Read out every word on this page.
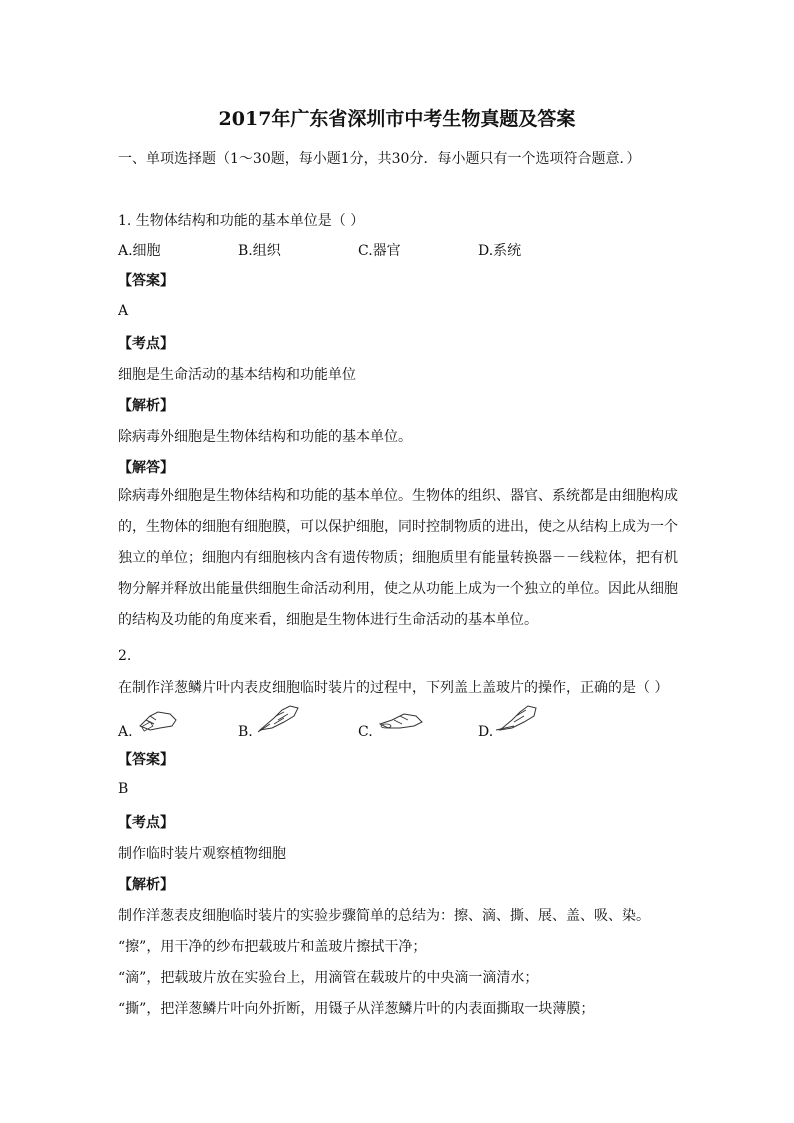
2017年广东省深圳市中考生物真题及答案
一、单项选择题（1～30题，每小题1分，共30分．每小题只有一个选项符合题意．）
1. 生物体结构和功能的基本单位是（ ）
A.细胞	B.组织	C.器官	D.系统
【答案】
A
【考点】
细胞是生命活动的基本结构和功能单位
【解析】
除病毒外细胞是生物体结构和功能的基本单位。
【解答】
除病毒外细胞是生物体结构和功能的基本单位。生物体的组织、器官、系统都是由细胞构成的，生物体的细胞有细胞膜，可以保护细胞，同时控制物质的进出，使之从结构上成为一个独立的单位；细胞内有细胞核内含有遗传物质；细胞质里有能量转换器－－线粒体，把有机物分解并释放出能量供细胞生命活动利用，使之从功能上成为一个独立的单位。因此从细胞的结构及功能的角度来看，细胞是生物体进行生命活动的基本单位。
2.
在制作洋葱鳞片叶内表皮细胞临时装片的过程中，下列盖上盖玻片的操作，正确的是（ ）
A.	B.	C.	D.
【答案】
B
【考点】
制作临时装片观察植物细胞
【解析】
制作洋葱表皮细胞临时装片的实验步骤简单的总结为：擦、滴、撕、展、盖、吸、染。
“擦”，用干净的纱布把载玻片和盖玻片擦拭干净；
“滴”，把载玻片放在实验台上，用滴管在载玻片的中央滴一滴清水；
“撕”，把洋葱鳞片叶向外折断，用镊子从洋葱鳞片叶的内表面撕取一块薄膜；
